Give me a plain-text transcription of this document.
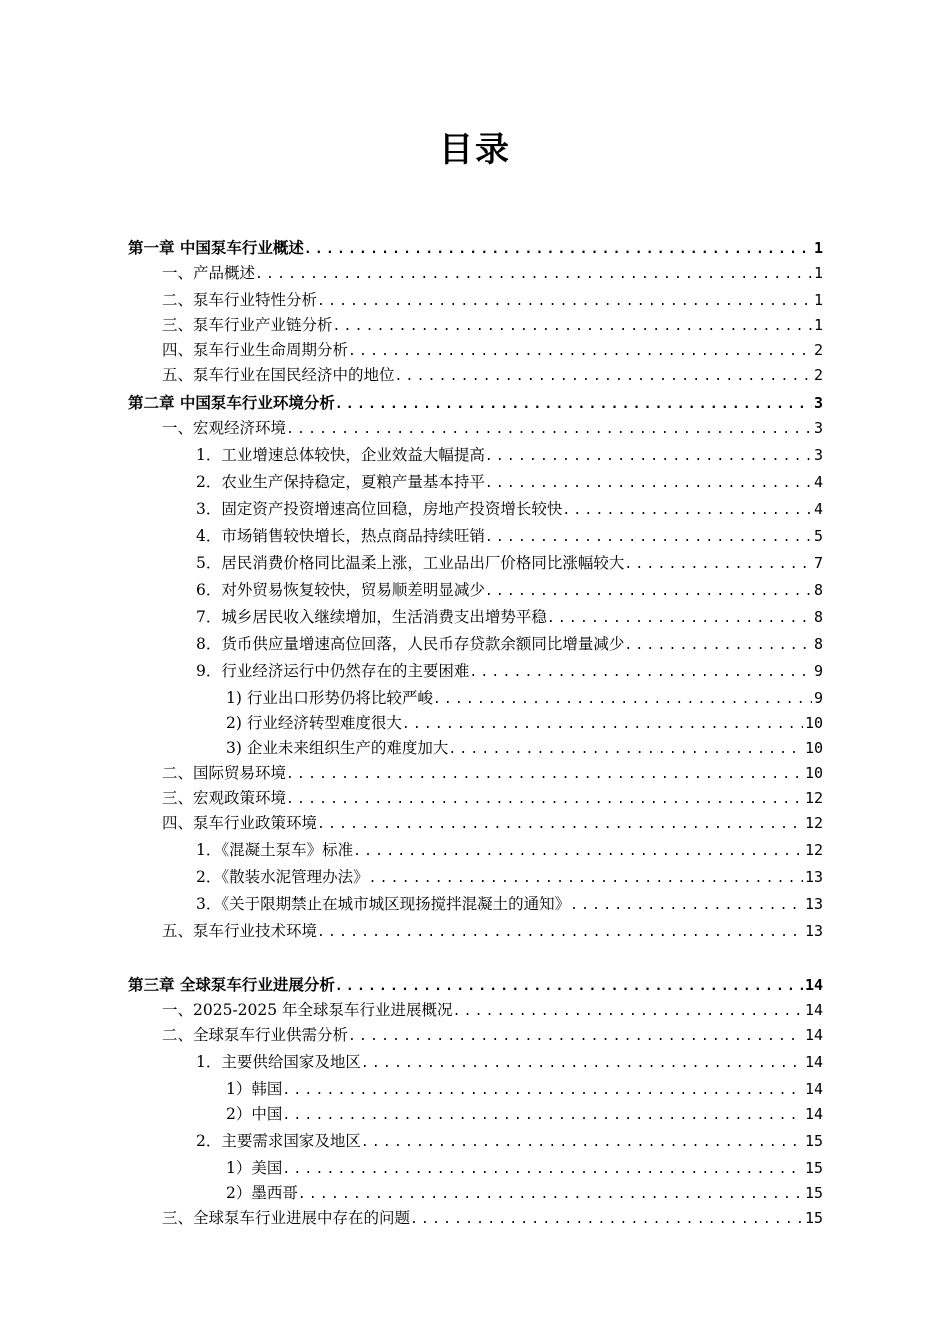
目录
第一章 中国泵车行业概述 .....	1
一、产品概述 .....	1
二、泵车行业特性分析 .....	1
三、泵车行业产业链分析 .....	1
四、泵车行业生命周期分析 .....	2
五、泵车行业在国民经济中的地位 .....	2
第二章 中国泵车行业环境分析 .....	3
一、宏观经济环境 .....	3
1．工业增速总体较快，企业效益大幅提高 .....	3
2．农业生产保持稳定，夏粮产量基本持平 .....	4
3．固定资产投资增速高位回稳，房地产投资增长较快 .....	4
4．市场销售较快增长，热点商品持续旺销 .....	5
5．居民消费价格同比温柔上涨，工业品出厂价格同比涨幅较大 .....	7
6．对外贸易恢复较快，贸易顺差明显减少 .....	8
7．城乡居民收入继续增加，生活消费支出增势平稳 .....	8
8．货币供应量增速高位回落，人民币存贷款余额同比增量减少 .....	8
9．行业经济运行中仍然存在的主要困难 .....	9
1) 行业出口形势仍将比较严峻 .....	9
2) 行业经济转型难度很大 .....	10
3) 企业未来组织生产的难度加大 .....	10
二、国际贸易环境 .....	10
三、宏观政策环境 .....	12
四、泵车行业政策环境 .....	12
1．《混凝土泵车》标准 .....	12
2．《散装水泥管理办法》 .....	13
3．《关于限期禁止在城市城区现扬搅拌混凝土的通知》 .....	13
五、泵车行业技术环境 .....	13
第三章 全球泵车行业进展分析 .....	14
一、2025-2025 年全球泵车行业进展概况 .....	14
二、全球泵车行业供需分析 .....	14
1．主要供给国家及地区 .....	14
1）韩国 .....	14
2）中国 .....	14
2．主要需求国家及地区 .....	15
1）美国 .....	15
2）墨西哥 .....	15
三、全球泵车行业进展中存在的问题 .....	15
